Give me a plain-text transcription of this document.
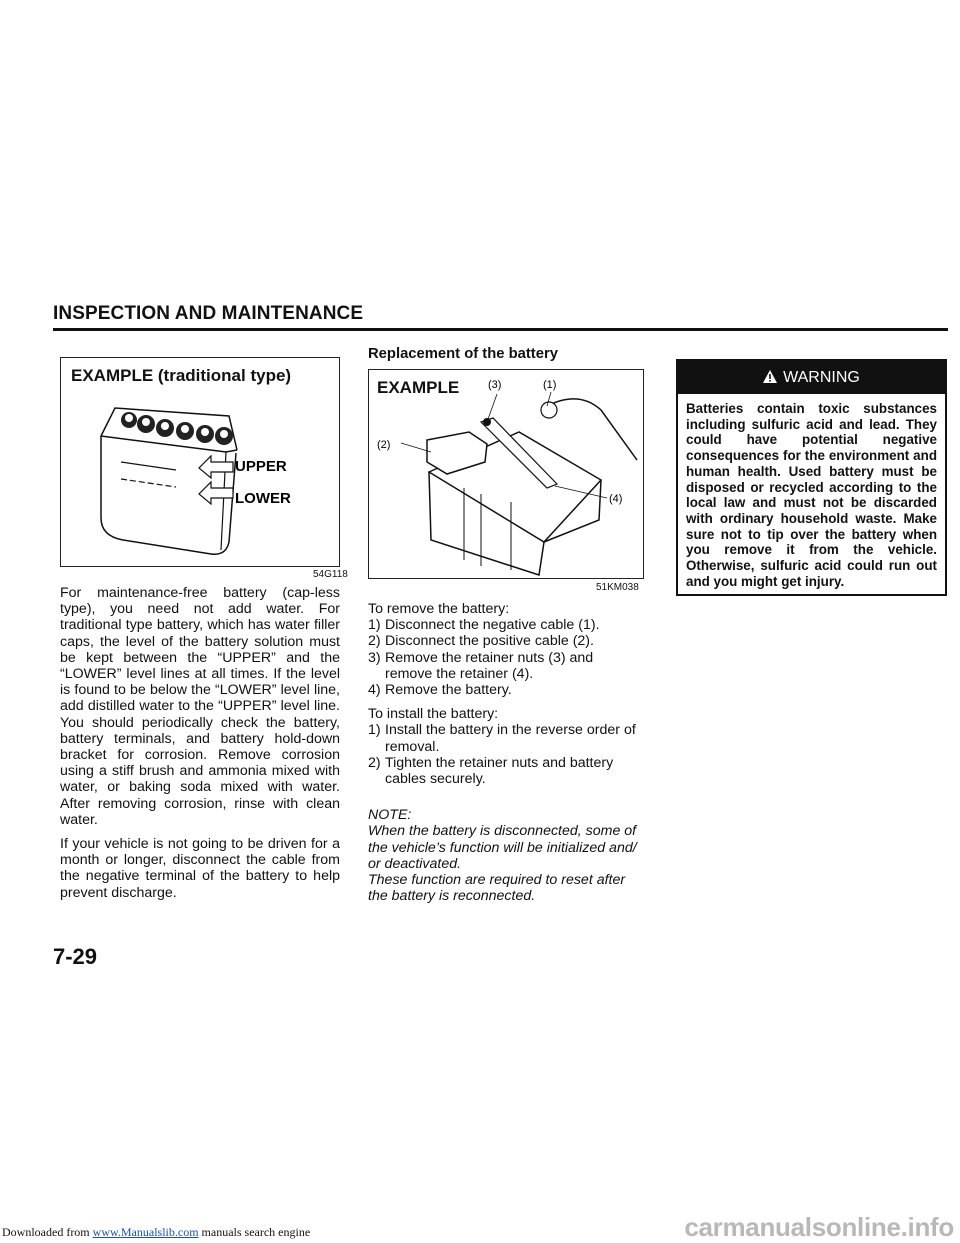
INSPECTION AND MAINTENANCE
EXAMPLE (traditional type)
UPPER
LOWER
54G118

For maintenance-free battery (cap-less type), you need not add water. For traditional type battery, which has water filler caps, the level of the battery solution must be kept between the “UPPER” and the “LOWER” level lines at all times. If the level is found to be below the “LOWER” level line, add distilled water to the “UPPER” level line. You should periodically check the battery, battery terminals, and battery hold-down bracket for corrosion. Remove corrosion using a stiff brush and ammonia mixed with water, or baking soda mixed with water. After removing corrosion, rinse with clean water.

If your vehicle is not going to be driven for a month or longer, disconnect the cable from the negative terminal of the battery to help prevent discharge.

Replacement of the battery
EXAMPLE	(3)	(1)
(2)
(4)
51KM038

To remove the battery:

1) Disconnect the negative cable (1).
2) Disconnect the positive cable (2).
3) Remove the retainer nuts (3) and remove the retainer (4).
4) Remove the battery.

To install the battery:

1) Install the battery in the reverse order of removal.
2) Tighten the retainer nuts and battery cables securely.

NOTE:

When the battery is disconnected, some of the vehicle’s function will be initialized and/ or deactivated.

These function are required to reset after the battery is reconnected.

WARNING
Batteries contain toxic substances including sulfuric acid and lead. They could have potential negative consequences for the environment and human health. Used battery must be disposed or recycled according to the local law and must not be discarded with ordinary household waste. Make sure not to tip over the battery when you remove it from the vehicle. Otherwise, sulfuric acid could run out and you might get injury.
7-29
Downloaded from www.Manualslib.com manuals search engine	carmanualsonline.info
